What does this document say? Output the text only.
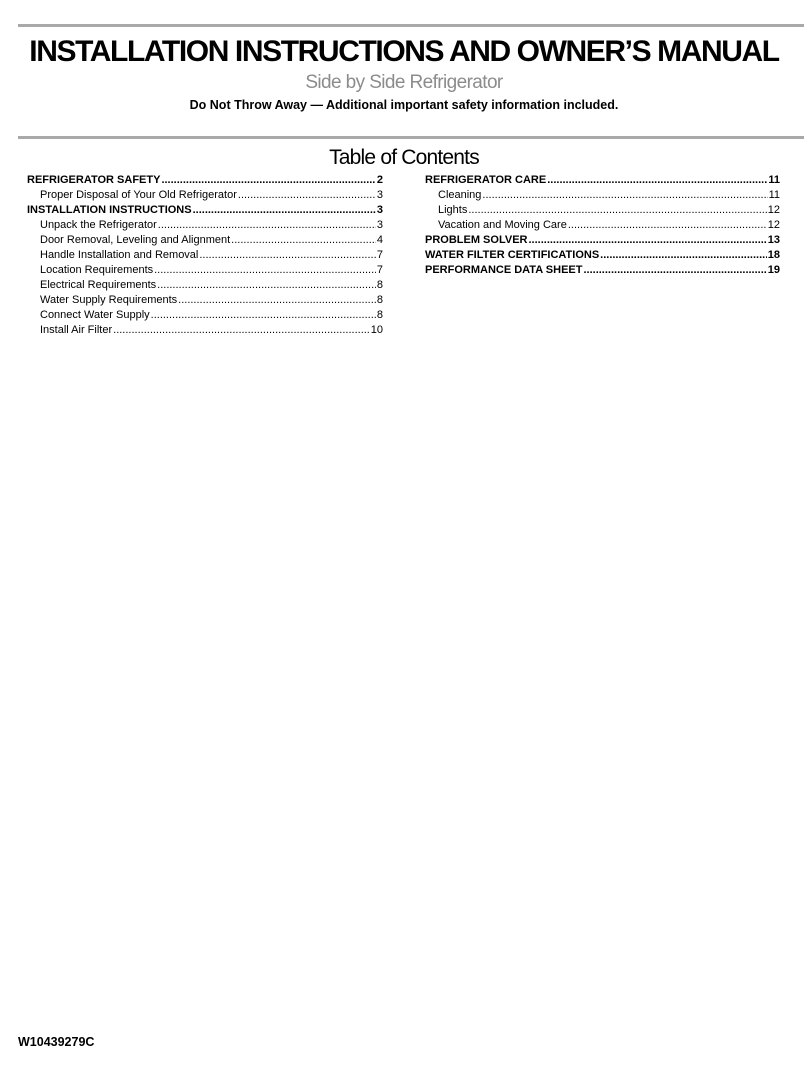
INSTALLATION INSTRUCTIONS AND OWNER’S MANUAL
Side by Side Refrigerator
Do Not Throw Away — Additional important safety information included.
Table of Contents
REFRIGERATOR SAFETY .....	2
Proper Disposal of Your Old Refrigerator .....	3
INSTALLATION INSTRUCTIONS .....	3
Unpack the Refrigerator .....	3
Door Removal, Leveling and Alignment .....	4
Handle Installation and Removal .....	7
Location Requirements .....	7
Electrical Requirements .....	8
Water Supply Requirements .....	8
Connect Water Supply .....	8
Install Air Filter .....	10
REFRIGERATOR CARE .....	11
Cleaning .....	11
Lights .....	12
Vacation and Moving Care .....	12
PROBLEM SOLVER .....	13
WATER FILTER CERTIFICATIONS .....	18
PERFORMANCE DATA SHEET .....	19
W10439279C
